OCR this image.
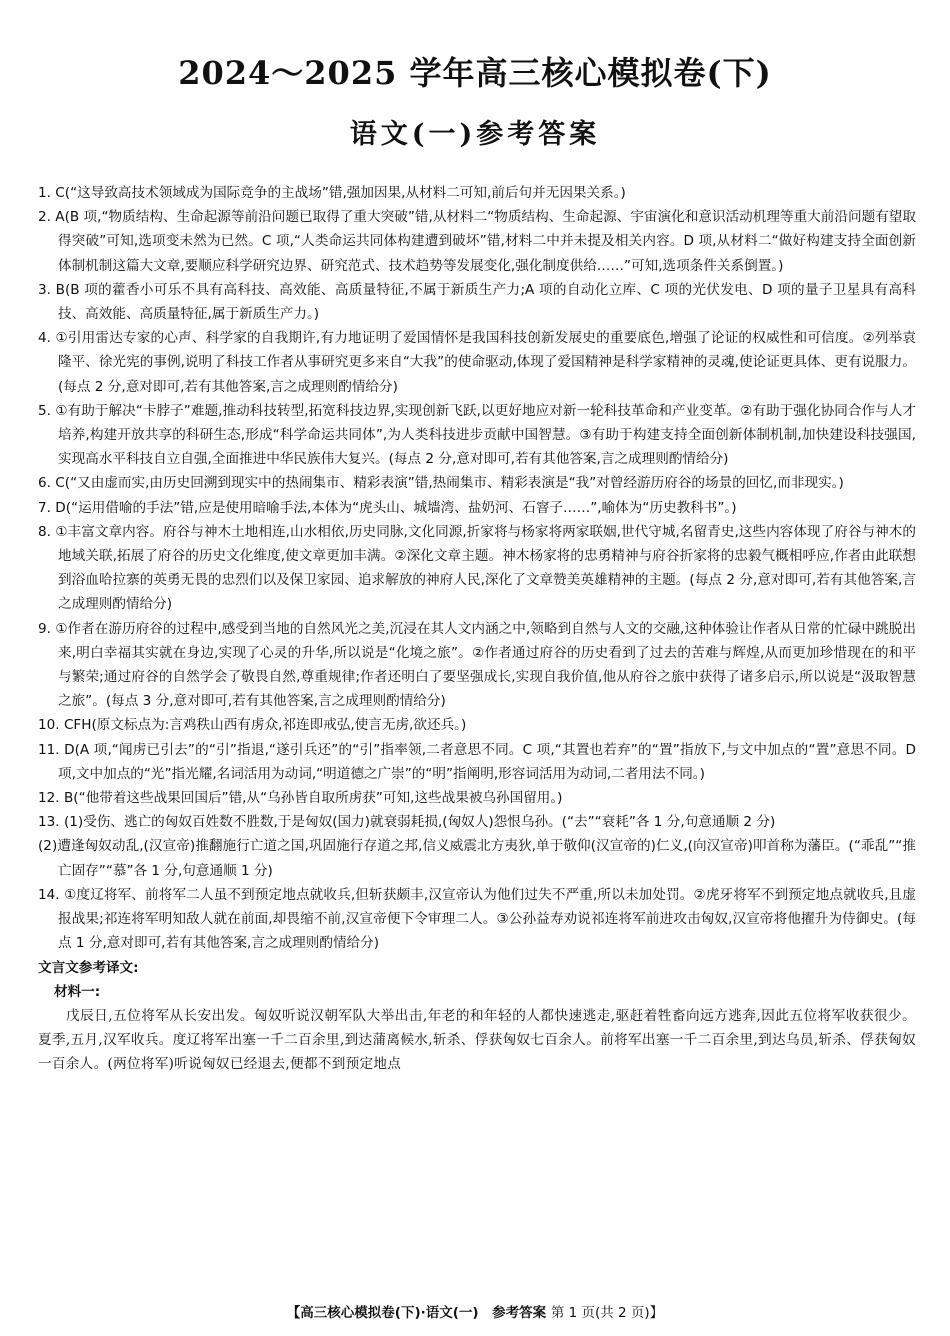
2024～2025 学年高三核心模拟卷(下)
语文(一)参考答案

1. C(“这导致高技术领域成为国际竞争的主战场”错,强加因果,从材料二可知,前后句并无因果关系。)

2. A(B 项,“物质结构、生命起源等前沿问题已取得了重大突破”错,从材料二“物质结构、生命起源、宇宙演化和意识活动机理等重大前沿问题有望取得突破”可知,选项变未然为已然。C 项,“人类命运共同体构建遭到破坏”错,材料二中并未提及相关内容。D 项,从材料二“做好构建支持全面创新体制机制这篇大文章,要顺应科学研究边界、研究范式、技术趋势等发展变化,强化制度供给……”可知,选项条件关系倒置。)

3. B(B 项的藿香小可乐不具有高科技、高效能、高质量特征,不属于新质生产力;A 项的自动化立库、C 项的光伏发电、D 项的量子卫星具有高科技、高效能、高质量特征,属于新质生产力。)

4. ①引用雷达专家的心声、科学家的自我期许,有力地证明了爱国情怀是我国科技创新发展史的重要底色,增强了论证的权威性和可信度。②列举袁隆平、徐光宪的事例,说明了科技工作者从事研究更多来自“大我”的使命驱动,体现了爱国精神是科学家精神的灵魂,使论证更具体、更有说服力。(每点 2 分,意对即可,若有其他答案,言之成理则酌情给分)

5. ①有助于解决“卡脖子”难题,推动科技转型,拓宽科技边界,实现创新飞跃,以更好地应对新一轮科技革命和产业变革。②有助于强化协同合作与人才培养,构建开放共享的科研生态,形成“科学命运共同体”,为人类科技进步贡献中国智慧。③有助于构建支持全面创新体制机制,加快建设科技强国,实现高水平科技自立自强,全面推进中华民族伟大复兴。(每点 2 分,意对即可,若有其他答案,言之成理则酌情给分)

6. C(“又由虚而实,由历史回溯到现实中的热闹集市、精彩表演”错,热闹集市、精彩表演是“我”对曾经游历府谷的场景的回忆,而非现实。)

7. D(“运用借喻的手法”错,应是使用暗喻手法,本体为“虎头山、城墙湾、盐奶河、石窨子……”,喻体为“历史教科书”。)

8. ①丰富文章内容。府谷与神木土地相连,山水相依,历史同脉,文化同源,折家将与杨家将两家联姻,世代守城,名留青史,这些内容体现了府谷与神木的地域关联,拓展了府谷的历史文化维度,使文章更加丰满。②深化文章主题。神木杨家将的忠勇精神与府谷折家将的忠毅气概相呼应,作者由此联想到浴血哈拉寨的英勇无畏的忠烈们以及保卫家园、追求解放的神府人民,深化了文章赞美英雄精神的主题。(每点 2 分,意对即可,若有其他答案,言之成理则酌情给分)

9. ①作者在游历府谷的过程中,感受到当地的自然风光之美,沉浸在其人文内涵之中,领略到自然与人文的交融,这种体验让作者从日常的忙碌中跳脱出来,明白幸福其实就在身边,实现了心灵的升华,所以说是“化境之旅”。②作者通过府谷的历史看到了过去的苦难与辉煌,从而更加珍惜现在的和平与繁荣;通过府谷的自然学会了敬畏自然,尊重规律;作者还明白了要坚强成长,实现自我价值,他从府谷之旅中获得了诸多启示,所以说是“汲取智慧之旅”。(每点 3 分,意对即可,若有其他答案,言之成理则酌情给分)

10. CFH(原文标点为:言鸡秩山西有虏众,祁连即戒弘,使言无虏,欲还兵。)

11. D(A 项,“闻虏已引去”的“引”指退,“遂引兵还”的“引”指率领,二者意思不同。C 项,“其置也若弃”的“置”指放下,与文中加点的“置”意思不同。D 项,文中加点的“光”指光耀,名词活用为动词,“明道德之广崇”的“明”指阐明,形容词活用为动词,二者用法不同。)

12. B(“他带着这些战果回国后”错,从“乌孙皆自取所虏获”可知,这些战果被乌孙国留用。)

13. (1)受伤、逃亡的匈奴百姓数不胜数,于是匈奴(国力)就衰弱耗损,(匈奴人)怨恨乌孙。(“去”“衰耗”各 1 分,句意通顺 2 分)
(2)遭逢匈奴动乱,(汉宣帝)推翻施行亡道之国,巩固施行存道之邦,信义威震北方夷狄,单于敬仰(汉宣帝的)仁义,(向汉宣帝)叩首称为藩臣。(“乖乱”“推亡固存”“慕”各 1 分,句意通顺 1 分)

14. ①度辽将军、前将军二人虽不到预定地点就收兵,但斩获颇丰,汉宣帝认为他们过失不严重,所以未加处罚。②虎牙将军不到预定地点就收兵,且虚报战果;祁连将军明知敌人就在前面,却畏缩不前,汉宣帝便下令审理二人。③公孙益寿劝说祁连将军前进攻击匈奴,汉宣帝将他擢升为侍御史。(每点 1 分,意对即可,若有其他答案,言之成理则酌情给分)

文言文参考译文:

材料一:

戊辰日,五位将军从长安出发。匈奴听说汉朝军队大举出击,年老的和年轻的人都快速逃走,驱赶着牲畜向远方逃奔,因此五位将军收获很少。夏季,五月,汉军收兵。度辽将军出塞一千二百余里,到达蒲离候水,斩杀、俘获匈奴七百余人。前将军出塞一千二百余里,到达乌员,斩杀、俘获匈奴一百余人。(两位将军)听说匈奴已经退去,便都不到预定地点

【高三核心模拟卷(下)·语文(一)　参考答案 第 1 页(共 2 页)】
